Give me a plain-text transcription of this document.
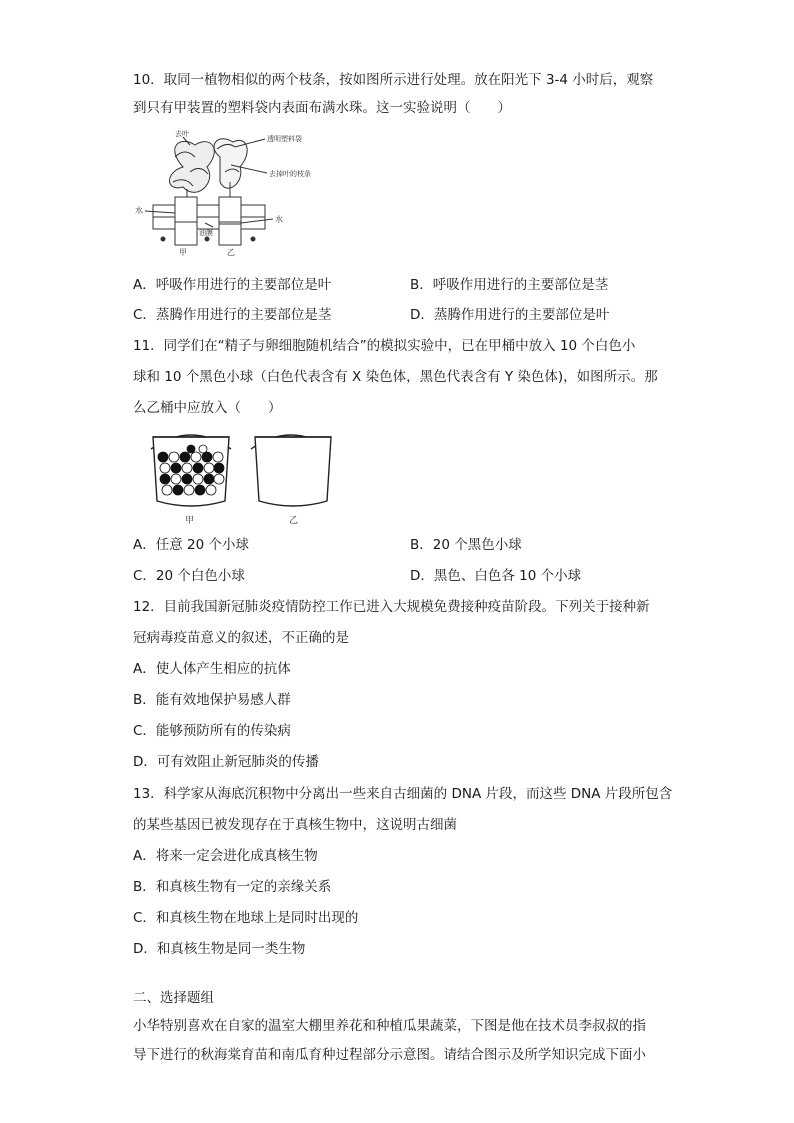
10．取同一植物相似的两个枝条，按如图所示进行处理。放在阳光下 3-4 小时后，观察
到只有甲装置的塑料袋内表面布满水珠。这一实验说明（　　）
去叶
透明塑料袋
去掉叶的枝条
水
油膜
水
甲	乙
A．呼吸作用进行的主要部位是叶	B．呼吸作用进行的主要部位是茎
C．蒸腾作用进行的主要部位是茎	D．蒸腾作用进行的主要部位是叶
11．同学们在“精子与卵细胞随机结合”的模拟实验中，已在甲桶中放入 10 个白色小
球和 10 个黑色小球（白色代表含有 X 染色体，黑色代表含有 Y 染色体)，如图所示。那
么乙桶中应放入（　　）
甲	乙
A．任意 20 个小球	B．20 个黑色小球
C．20 个白色小球	D．黑色、白色各 10 个小球
12．目前我国新冠肺炎疫情防控工作已进入大规模免费接种疫苗阶段。下列关于接种新
冠病毒疫苗意义的叙述，不正确的是
A．使人体产生相应的抗体
B．能有效地保护易感人群
C．能够预防所有的传染病
D．可有效阻止新冠肺炎的传播
13．科学家从海底沉积物中分离出一些来自古细菌的 DNA 片段，而这些 DNA 片段所包含
的某些基因已被发现存在于真核生物中，这说明古细菌
A．将来一定会进化成真核生物
B．和真核生物有一定的亲缘关系
C．和真核生物在地球上是同时出现的
D．和真核生物是同一类生物
二、选择题组
小华特别喜欢在自家的温室大棚里养花和种植瓜果蔬菜，下图是他在技术员李叔叔的指
导下进行的秋海棠育苗和南瓜育种过程部分示意图。请结合图示及所学知识完成下面小
